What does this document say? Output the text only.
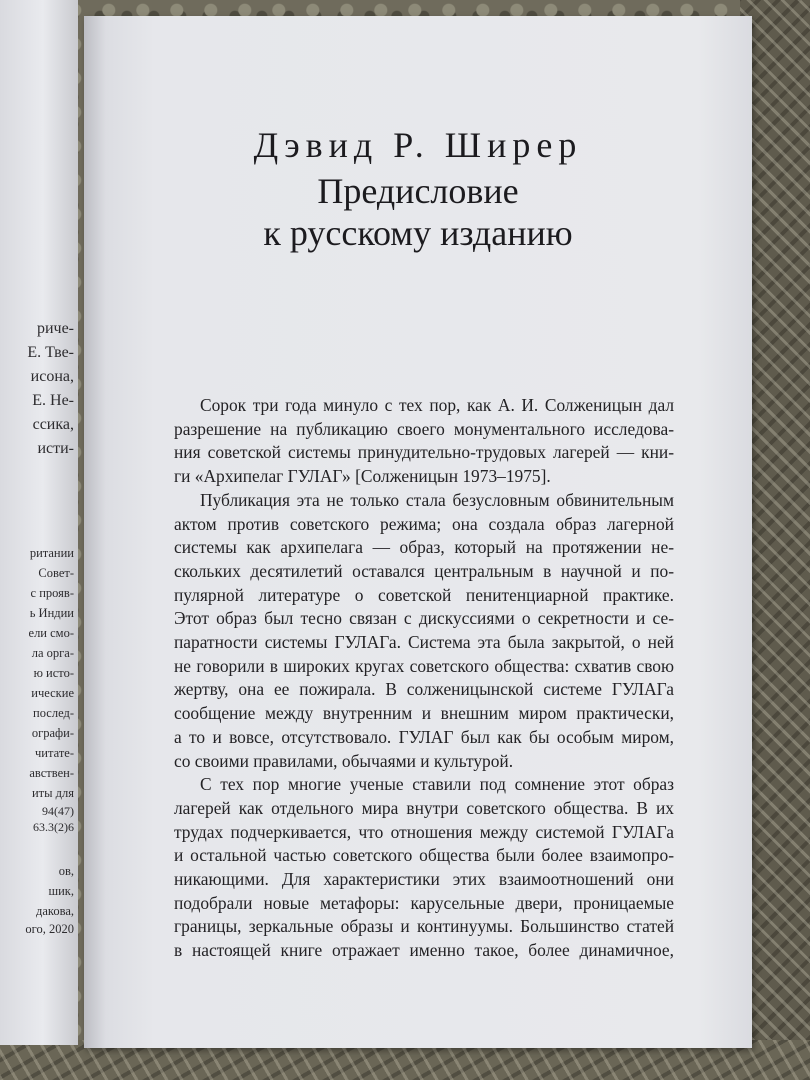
ричe-
Е. Тве-
исона,
Е. Не-
ссика,
исти-
ритании
Совет-
с прояв-
ь Индии
ели смо-
ла орга-
ю исто-
ические
послед-
ографи-
читате-
авствен-
иты для
94(47)
63.3(2)6
ов,
шик,
дакова,
ого, 2020
Дэвид Р. Ширер
Предисловие
к русскому изданию
Сорок три года минуло с тех пор, как А. И. Солженицын дал
разрешение на публикацию своего монументального исследова-
ния советской системы принудительно-трудовых лагерей — кни-
ги «Архипелаг ГУЛАГ» [Солженицын 1973–1975].
Публикация эта не только стала безусловным обвинительным
актом против советского режима; она создала образ лагерной
системы как архипелага — образ, который на протяжении не-
скольких десятилетий оставался центральным в научной и по-
пулярной литературе о советской пенитенциарной практике.
Этот образ был тесно связан с дискуссиями о секретности и се-
паратности системы ГУЛАГа. Система эта была закрытой, о ней
не говорили в широких кругах советского общества: схватив свою
жертву, она ее пожирала. В солженицынской системе ГУЛАГа
сообщение между внутренним и внешним миром практически,
а то и вовсе, отсутствовало. ГУЛАГ был как бы особым миром,
со своими правилами, обычаями и культурой.
С тех пор многие ученые ставили под сомнение этот образ
лагерей как отдельного мира внутри советского общества. В их
трудах подчеркивается, что отношения между системой ГУЛАГа
и остальной частью советского общества были более взаимопро-
никающими. Для характеристики этих взаимоотношений они
подобрали новые метафоры: карусельные двери, проницаемые
границы, зеркальные образы и континуумы. Большинство статей
в настоящей книге отражает именно такое, более динамичное,
